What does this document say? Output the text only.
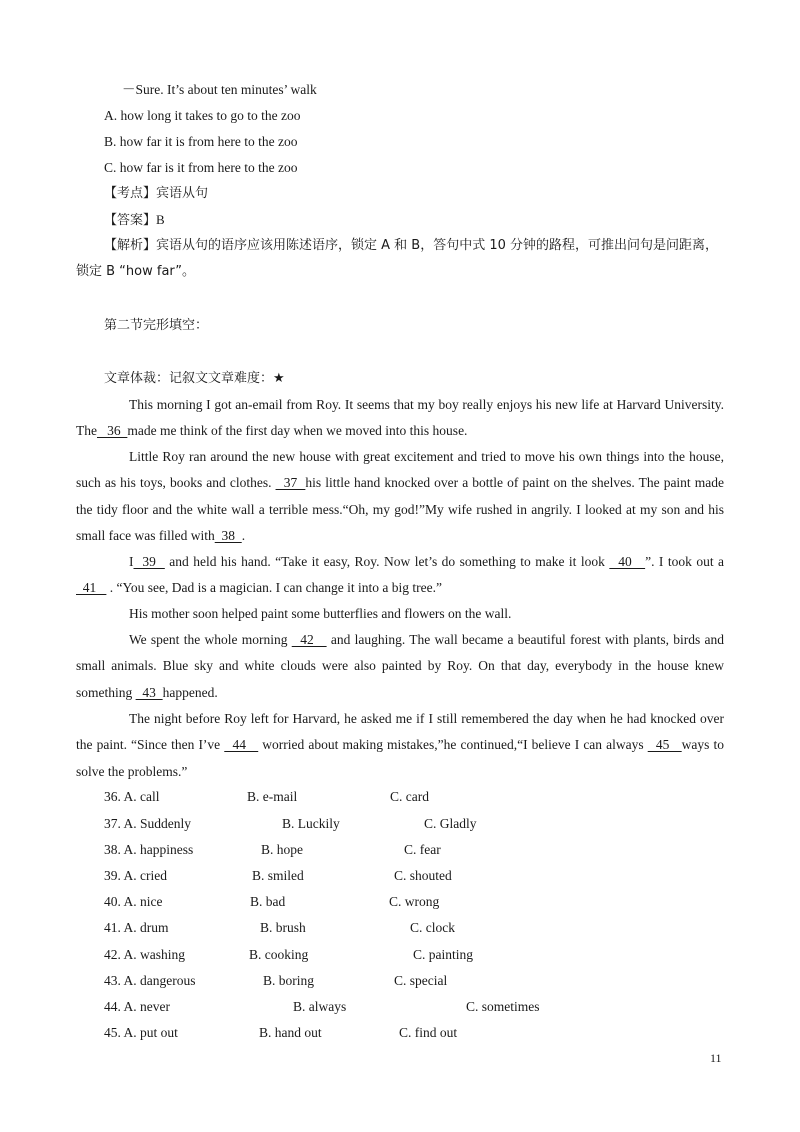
－Sure. It’s about ten minutes’ walk
A. how long it takes to go to the zoo
B. how far it is from here to the zoo
C. how far is it from here to the zoo
【考点】宾语从句
【答案】B
【解析】宾语从句的语序应该用陈述语序，锁定 A 和 B，答句中式 10 分钟的路程，可推出问句是问距离，
锁定 B “how far”。
第二节完形填空：
文章体裁：记叙文文章难度：★
This morning I got an-email from Roy. It seems that my boy really enjoys his new life at Harvard University. The   36  made me think of the first day when we moved into this house.
Little Roy ran around the new house with great excitement and tried to move his own things into the house, such as his toys, books and clothes.   37  his little hand knocked over a bottle of paint on the shelves. The paint made the tidy floor and the white wall a terrible mess.“Oh, my god!”My wife rushed in angrily. I looked at my son and his small face was filled with  38  .
I  39   and held his hand. “Take it easy, Roy. Now let’s do something to make it look   40   ”. I took out a   41    . “You see, Dad is a magician. I can change it into a big tree.”
His mother soon helped paint some butterflies and flowers on the wall.
We spent the whole morning   42    and laughing. The wall became a beautiful forest with plants, birds and small animals. Blue sky and white clouds were also painted by Roy. On that day, everybody in the house knew something   43  happened.
The night before Roy left for Harvard, he asked me if I still remembered the day when he had knocked over the paint. “Since then I’ve   44    worried about making mistakes,”he continued,“I believe I can always   45   ways to solve the problems.”
36. A. call	B. e-mail	C. card
37. A. Suddenly	B. Luckily	C. Gladly
38. A. happiness	B. hope	C. fear
39. A. cried	B. smiled	C. shouted
40. A. nice	B. bad	C. wrong
41. A. drum	B. brush	C. clock
42. A. washing	B. cooking	C. painting
43. A. dangerous	B. boring	C. special
44. A. never	B. always	C. sometimes
45. A. put out	B. hand out	C. find out
11
